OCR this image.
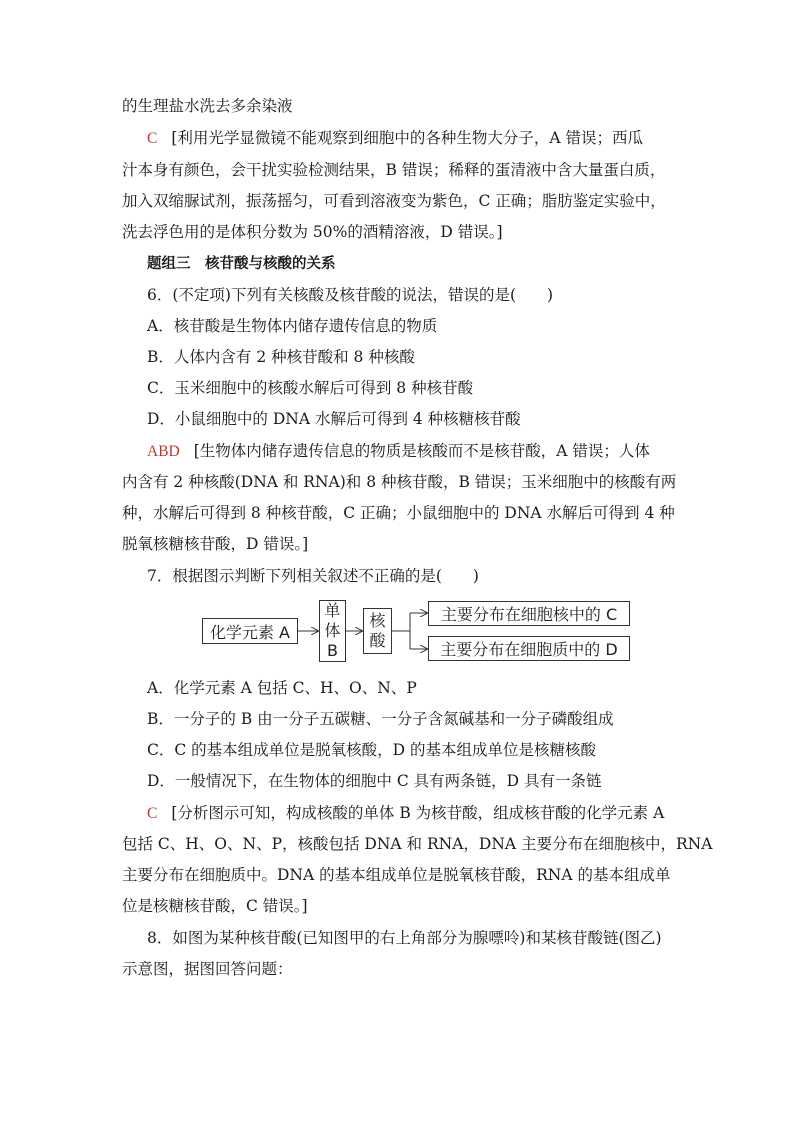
的生理盐水洗去多余染液
C [利用光学显微镜不能观察到细胞中的各种生物大分子，A 错误；西瓜
汁本身有颜色，会干扰实验检测结果，B 错误；稀释的蛋清液中含大量蛋白质，
加入双缩脲试剂，振荡摇匀，可看到溶液变为紫色，C 正确；脂肪鉴定实验中，
洗去浮色用的是体积分数为 50%的酒精溶液，D 错误。]
题组三　核苷酸与核酸的关系
6．(不定项)下列有关核酸及核苷酸的说法，错误的是(　　)
A．核苷酸是生物体内储存遗传信息的物质
B．人体内含有 2 种核苷酸和 8 种核酸
C．玉米细胞中的核酸水解后可得到 8 种核苷酸
D．小鼠细胞中的 DNA 水解后可得到 4 种核糖核苷酸
ABD [生物体内储存遗传信息的物质是核酸而不是核苷酸，A 错误；人体
内含有 2 种核酸(DNA 和 RNA)和 8 种核苷酸，B 错误；玉米细胞中的核酸有两
种，水解后可得到 8 种核苷酸，C 正确；小鼠细胞中的 DNA 水解后可得到 4 种
脱氧核糖核苷酸，D 错误。]
7．根据图示判断下列相关叙述不正确的是(　　)
化学元素 A
单
体
B
核
酸
主要分布在细胞核中的 C
主要分布在细胞质中的 D
A．化学元素 A 包括 C、H、O、N、P
B．一分子的 B 由一分子五碳糖、一分子含氮碱基和一分子磷酸组成
C．C 的基本组成单位是脱氧核酸，D 的基本组成单位是核糖核酸
D．一般情况下，在生物体的细胞中 C 具有两条链，D 具有一条链
C [分析图示可知，构成核酸的单体 B 为核苷酸，组成核苷酸的化学元素 A
包括 C、H、O、N、P，核酸包括 DNA 和 RNA，DNA 主要分布在细胞核中，RNA
主要分布在细胞质中。DNA 的基本组成单位是脱氧核苷酸，RNA 的基本组成单
位是核糖核苷酸，C 错误。]
8．如图为某种核苷酸(已知图甲的右上角部分为腺嘌呤)和某核苷酸链(图乙)
示意图，据图回答问题：
